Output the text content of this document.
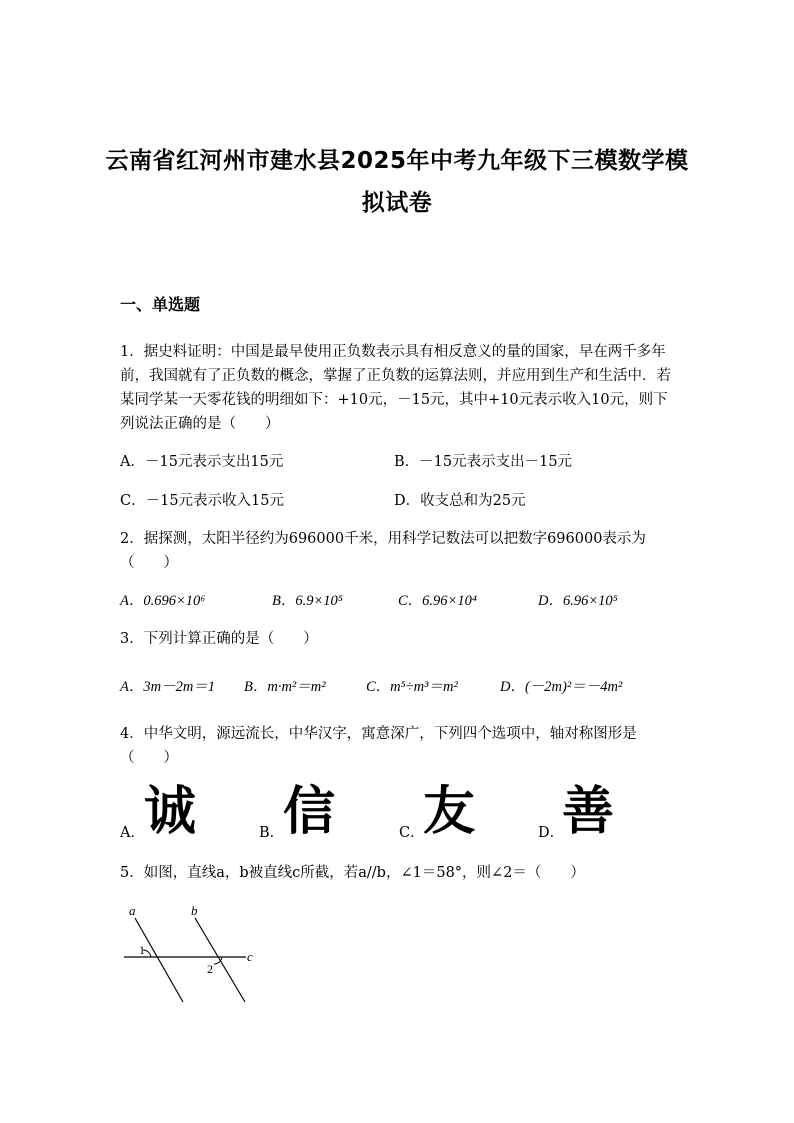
云南省红河州市建水县2025年中考九年级下三模数学模拟试卷
一、单选题
1．据史料证明：中国是最早使用正负数表示具有相反意义的量的国家，早在两千多年前，我国就有了正负数的概念，掌握了正负数的运算法则，并应用到生产和生活中．若某同学某一天零花钱的明细如下：+10元，－15元，其中+10元表示收入10元，则下列说法正确的是（　　）
A．－15元表示支出15元	B．－15元表示支出－15元
C．－15元表示收入15元	D．收支总和为25元
2．据探测，太阳半径约为696000千米，用科学记数法可以把数字696000表示为（　　）
A．0.696×10⁶	B．6.9×10⁵	C．6.96×10⁴	D．6.96×10⁵
3．下列计算正确的是（　　）
A．3m－2m＝1 B．m·m²＝m²	C．m⁵÷m³＝m²	D．(－2m)²＝－4m²
4．中华文明，源远流长，中华汉字，寓意深广，下列四个选项中，轴对称图形是（　　）
A． 诚	B．
信	C．
友	D．
善
5．如图，直线a，b被直线c所截，若a//b，∠1＝58°，则∠2＝（　　）
a	b
c
1
2
